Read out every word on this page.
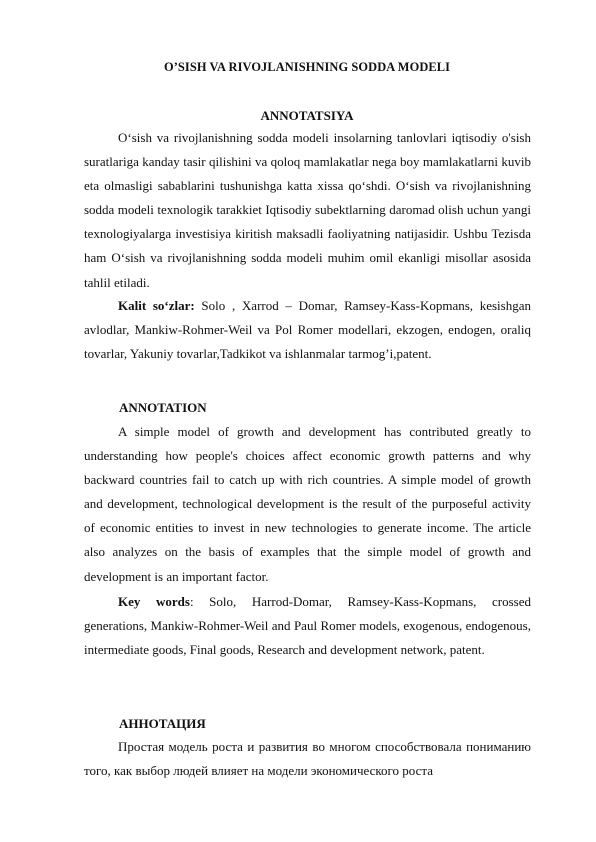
O’SISH VA RIVOJLANISHNING SODDA MODELI
ANNOTATSIYA

O‘sish va rivojlanishning sodda modeli insolarning tanlovlari iqtisodiy o'sish suratlariga kanday tasir qilishini va qoloq mamlakatlar nega boy mamlakatlarni kuvib eta olmasligi sabablarini tushunishga katta xissa qo‘shdi. O‘sish va rivojlanishning sodda modeli texnologik tarakkiet Iqtisodiy subektlarning daromad olish uchun yangi texnologiyalarga investisiya kiritish maksadli faoliyatning natijasidir. Ushbu Tezisda ham O‘sish va rivojlanishning sodda modeli muhim omil ekanligi misollar asosida tahlil etiladi.

Kalit so‘zlar: Solo , Xarrod – Domar, Ramsey-Kass-Kopmans, kesishgan avlodlar, Mankiw-Rohmer-Weil va Pol Romer modellari, ekzogen, endogen, oraliq tovarlar, Yakuniy tovarlar,Tadkikot va ishlanmalar tarmog’i,patent.

ANNOTATION

A simple model of growth and development has contributed greatly to understanding how people's choices affect economic growth patterns and why backward countries fail to catch up with rich countries. A simple model of growth and development, technological development is the result of the purposeful activity of economic entities to invest in new technologies to generate income. The article also analyzes on the basis of examples that the simple model of growth and development is an important factor.

Key words: Solo, Harrod-Domar, Ramsey-Kass-Kopmans, crossed generations, Mankiw-Rohmer-Weil and Paul Romer models, exogenous, endogenous, intermediate goods, Final goods, Research and development network, patent.

АННОТАЦИЯ

Простая модель роста и развития во многом способствовала пониманию того, как выбор людей влияет на модели экономического роста
